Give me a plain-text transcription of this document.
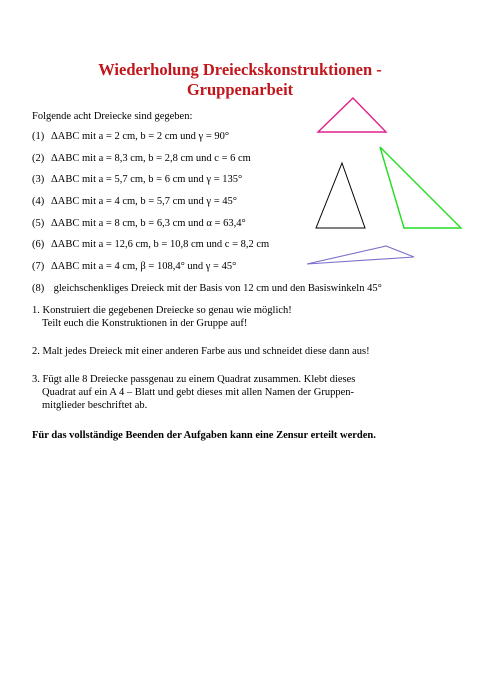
Wiederholung Dreieckskonstruktionen -
Gruppenarbeit
Folgende acht Dreiecke sind gegeben:
(1) ΔABC mit a = 2 cm, b = 2 cm und γ = 90°
(2) ΔABC mit a = 8,3 cm, b = 2,8 cm und c = 6 cm
(3) ΔABC mit a = 5,7 cm, b = 6 cm und γ = 135°
(4) ΔABC mit a = 4 cm, b = 5,7 cm und γ = 45°
(5) ΔABC mit a = 8 cm, b = 6,3 cm und α = 63,4°
(6) ΔABC mit a = 12,6 cm, b = 10,8 cm und c = 8,2 cm
(7) ΔABC mit a = 4 cm, β = 108,4° und γ = 45°
(8) gleichschenkliges Dreieck mit der Basis von 12 cm und den Basiswinkeln 45°
1. Konstruiert die gegebenen Dreiecke so genau wie möglich!
Teilt euch die Konstruktionen in der Gruppe auf!
2. Malt jedes Dreieck mit einer anderen Farbe aus und schneidet diese dann aus!
3. Fügt alle 8 Dreiecke passgenau zu einem Quadrat zusammen. Klebt dieses
Quadrat auf ein A 4 – Blatt und gebt dieses mit allen Namen der Gruppen-
mitglieder beschriftet ab.
Für das vollständige Beenden der Aufgaben kann eine Zensur erteilt werden.
